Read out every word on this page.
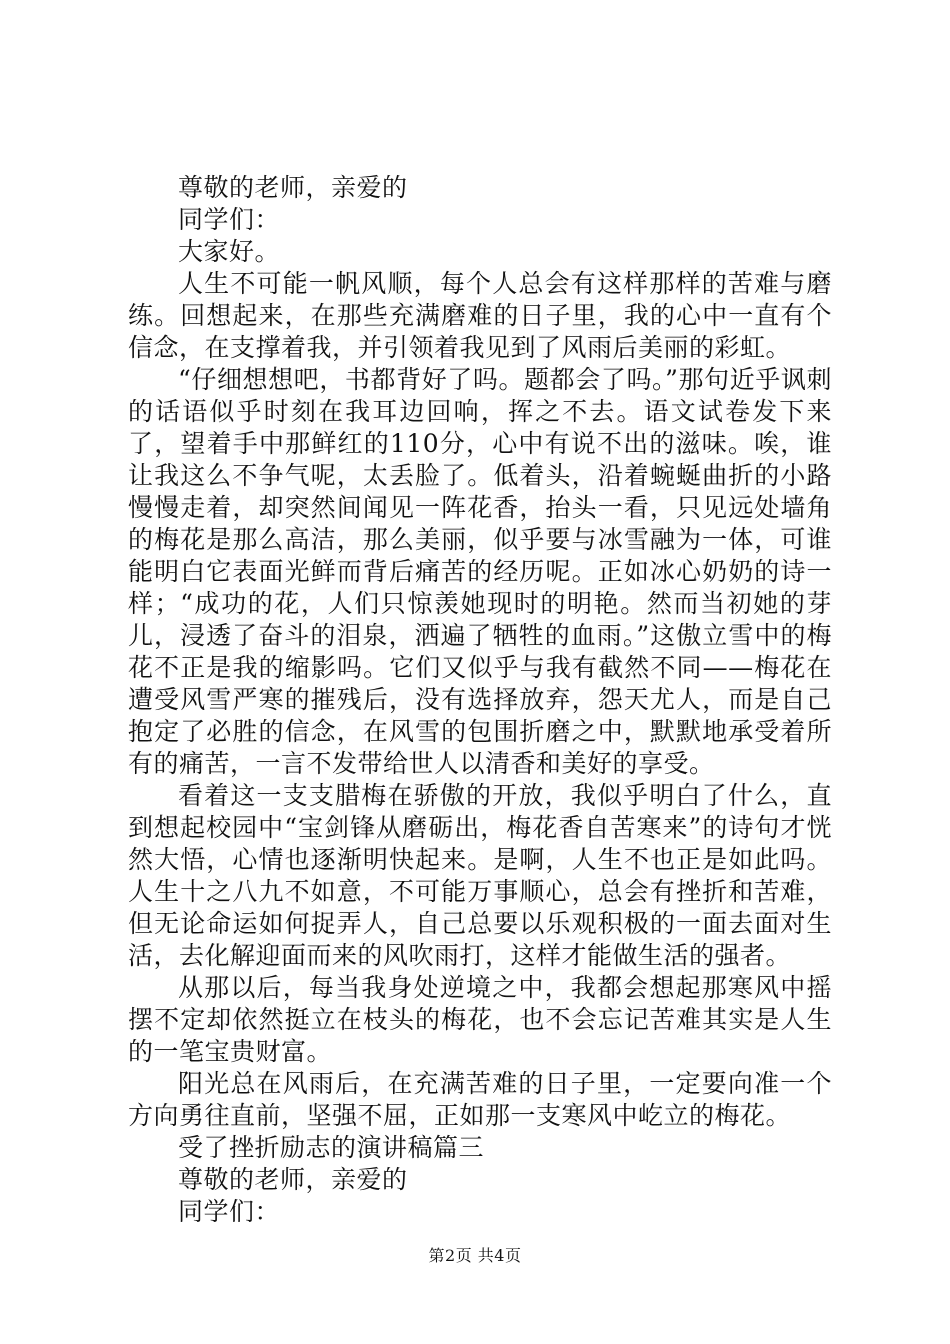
尊敬的老师，亲爱的

同学们：

大家好。

人生不可能一帆风顺，每个人总会有这样那样的苦难与磨练。回想起来，在那些充满磨难的日子里，我的心中一直有个信念，在支撑着我，并引领着我见到了风雨后美丽的彩虹。

“仔细想想吧，书都背好了吗。题都会了吗。”那句近乎讽刺的话语似乎时刻在我耳边回响，挥之不去。语文试卷发下来了，望着手中那鲜红的110分，心中有说不出的滋味。唉，谁让我这么不争气呢，太丢脸了。低着头，沿着蜿蜒曲折的小路慢慢走着，却突然间闻见一阵花香，抬头一看，只见远处墙角的梅花是那么高洁，那么美丽，似乎要与冰雪融为一体，可谁能明白它表面光鲜而背后痛苦的经历呢。正如冰心奶奶的诗一样；“成功的花，人们只惊羡她现时的明艳。然而当初她的芽儿，浸透了奋斗的泪泉，洒遍了牺牲的血雨。”这傲立雪中的梅花不正是我的缩影吗。它们又似乎与我有截然不同——梅花在遭受风雪严寒的摧残后，没有选择放弃，怨天尤人，而是自己抱定了必胜的信念，在风雪的包围折磨之中，默默地承受着所有的痛苦，一言不发带给世人以清香和美好的享受。

看着这一支支腊梅在骄傲的开放，我似乎明白了什么，直到想起校园中“宝剑锋从磨砺出，梅花香自苦寒来”的诗句才恍然大悟，心情也逐渐明快起来。是啊，人生不也正是如此吗。人生十之八九不如意，不可能万事顺心，总会有挫折和苦难，但无论命运如何捉弄人，自己总要以乐观积极的一面去面对生活，去化解迎面而来的风吹雨打，这样才能做生活的强者。

从那以后，每当我身处逆境之中，我都会想起那寒风中摇摆不定却依然挺立在枝头的梅花，也不会忘记苦难其实是人生的一笔宝贵财富。

阳光总在风雨后，在充满苦难的日子里，一定要向准一个方向勇往直前，坚强不屈，正如那一支寒风中屹立的梅花。

受了挫折励志的演讲稿篇三

尊敬的老师，亲爱的

同学们：

第2页 共4页
